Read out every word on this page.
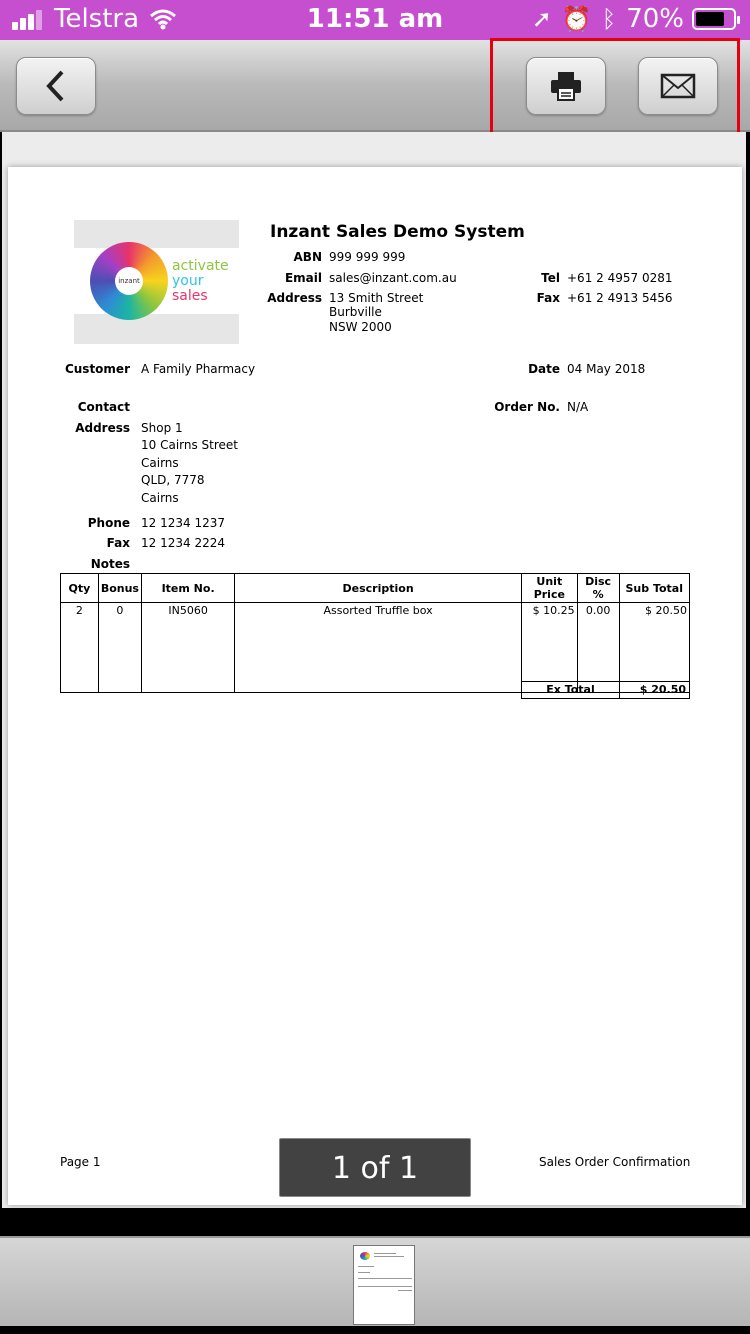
Telstra	11:51 am	➚ ⏰ ᛒ 70%
inzant
activate
your
sales
Inzant Sales Demo System
ABN 999 999 999
Email sales@inzant.com.au
Address 13 Smith Street
Burbville
NSW 2000
Tel +61 2 4957 0281
Fax +61 2 4913 5456
Customer A Family Pharmacy	Date 04 May 2018
Contact	Order No. N/A
Address Shop 1
10 Cairns Street
Cairns
QLD, 7778
Cairns
Phone 12 1234 1237
Fax 12 1234 2224
Notes
Qty	Bonus	Item No.	Description	Unit Price	Disc %	Sub Total
2	0	IN5060	Assorted Truffle box	$ 10.25	0.00	$ 20.50
Ex Total	$ 20.50
Page 1	Sales Order Confirmation
1 of 1
